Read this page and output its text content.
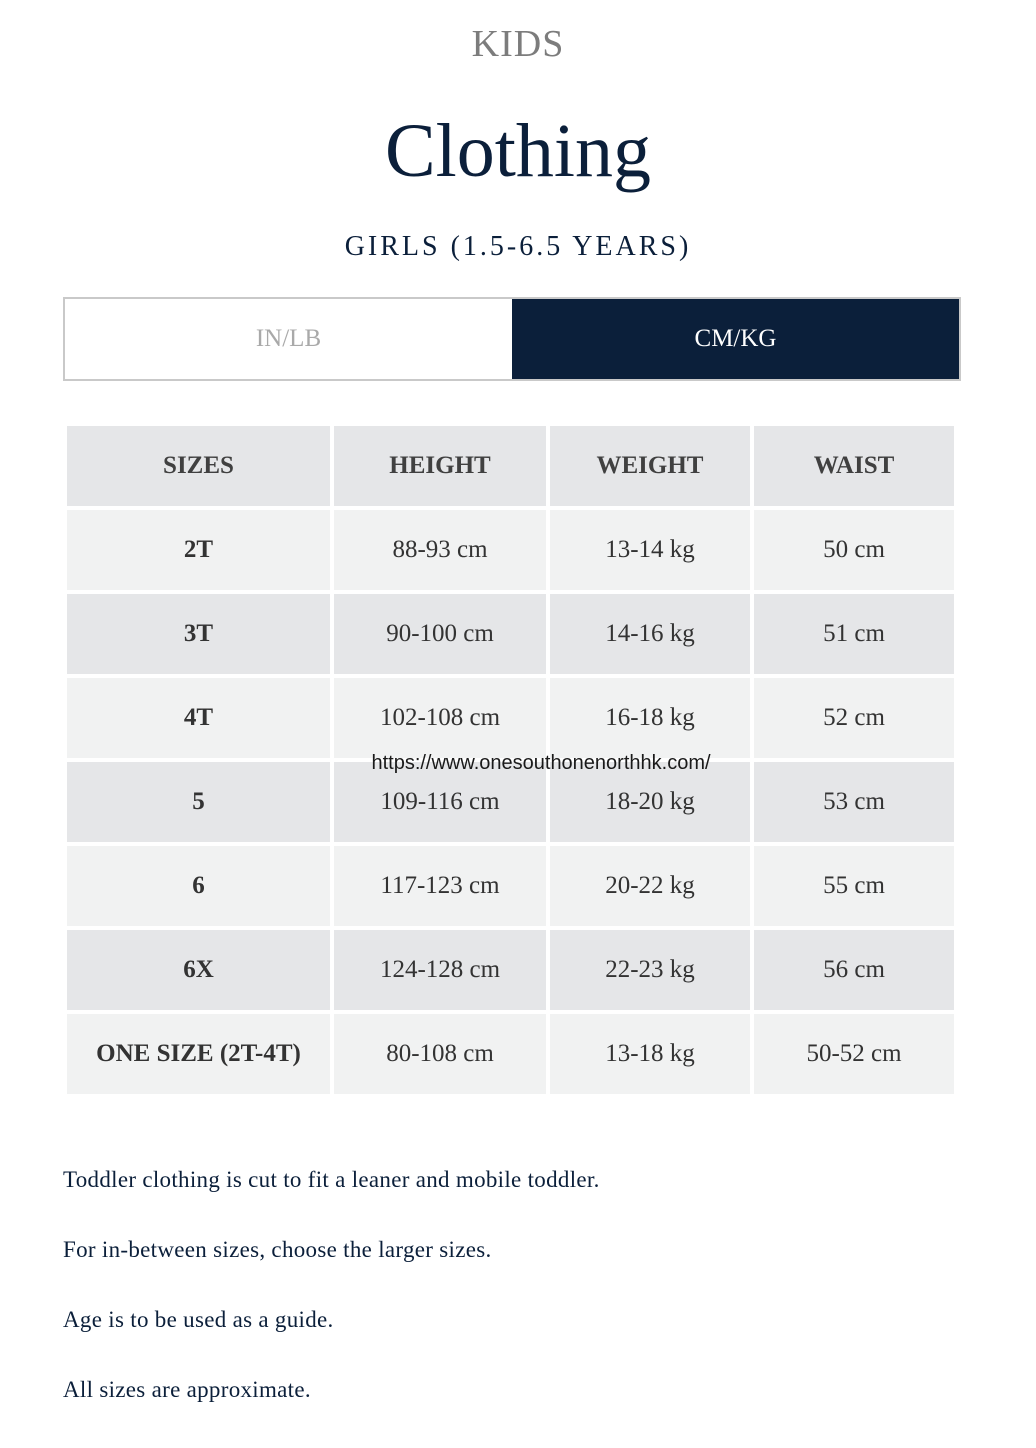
KIDS
Clothing
GIRLS (1.5-6.5 YEARS)
IN/LB	CM/KG
SIZES	HEIGHT	WEIGHT	WAIST
2T	88-93 cm	13-14 kg	50 cm
3T	90-100 cm	14-16 kg	51 cm
4T	102-108 cm	16-18 kg	52 cm
5	109-116 cm	18-20 kg	53 cm
6	117-123 cm	20-22 kg	55 cm
6X	124-128 cm	22-23 kg	56 cm
ONE SIZE (2T-4T)	80-108 cm	13-18 kg	50-52 cm
https://www.onesouthonenorthhk.com/

Toddler clothing is cut to fit a leaner and mobile toddler.

For in-between sizes, choose the larger sizes.

Age is to be used as a guide.

All sizes are approximate.
